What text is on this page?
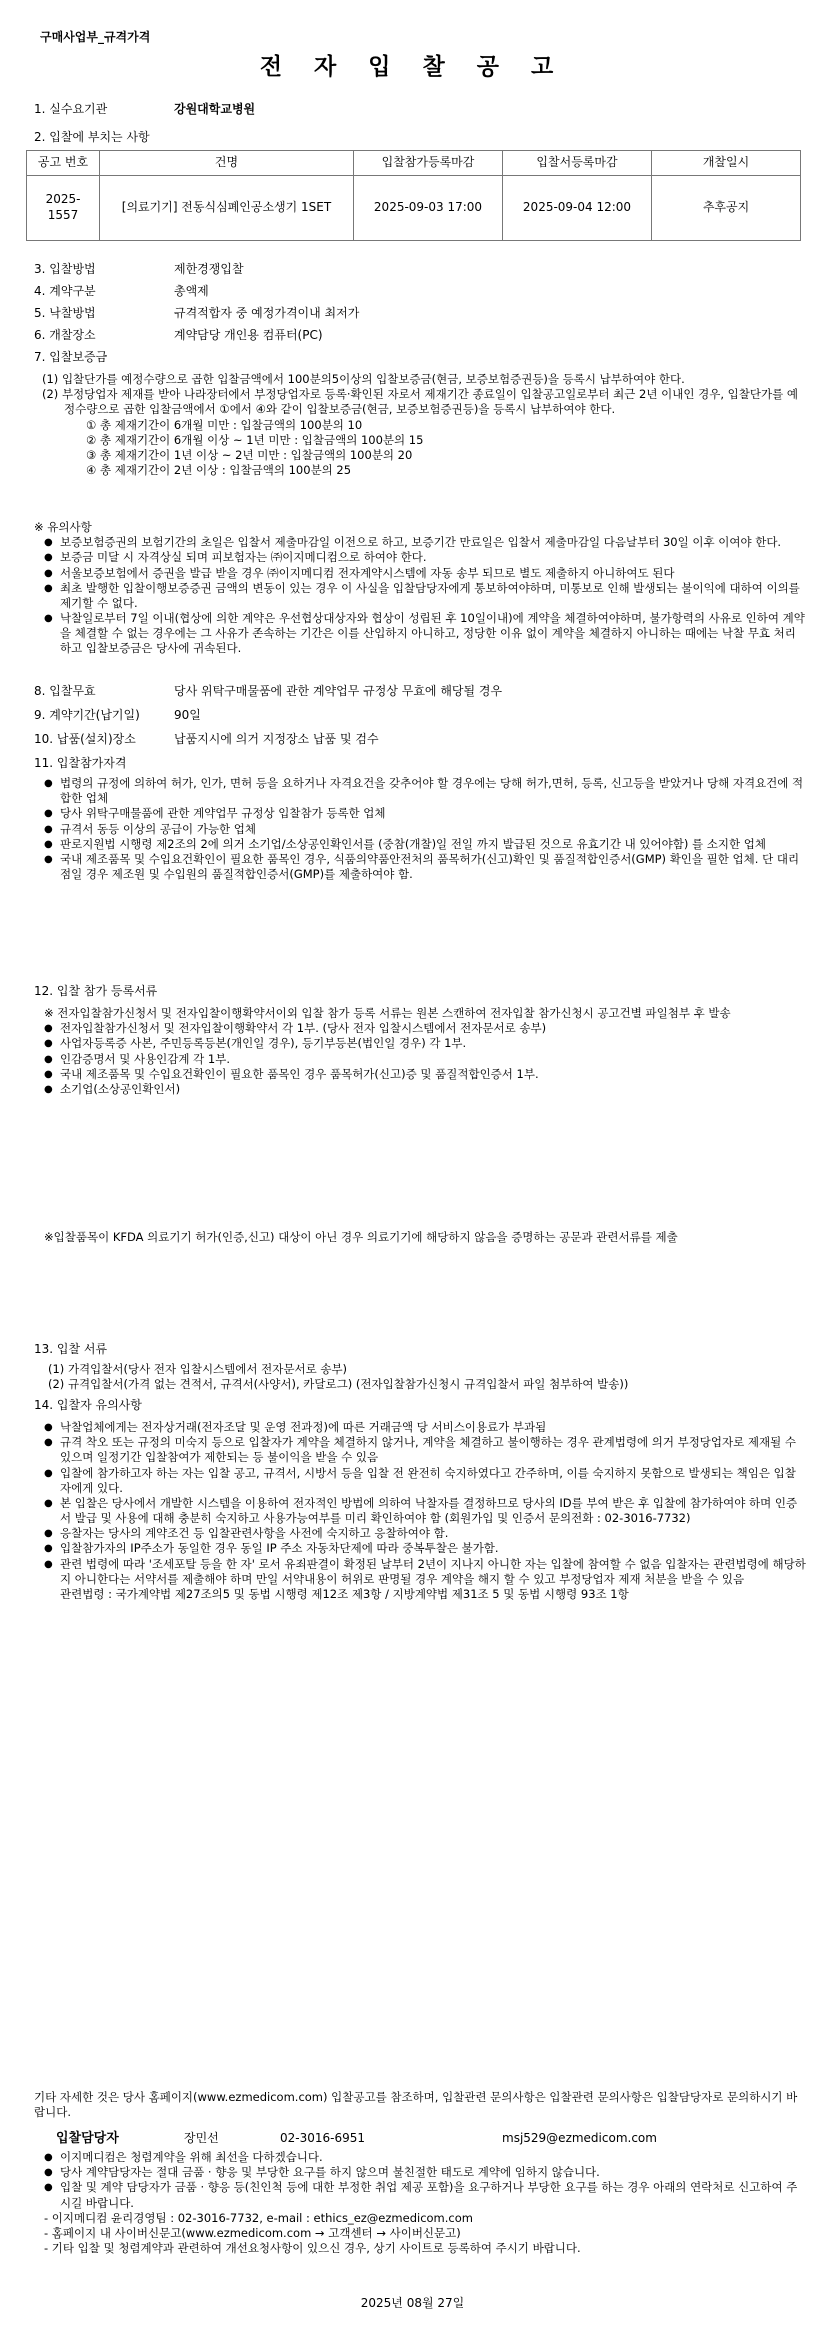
구매사업부_규격가격
전 자 입 찰 공 고
1. 실수요기관	강원대학교병원
2. 입찰에 부치는 사항
공고 번호	건명	입찰참가등록마감	입찰서등록마감	개찰일시
2025-1557	[의료기기] 전동식심폐인공소생기 1SET	2025-09-03 17:00	2025-09-04 12:00	추후공지
3. 입찰방법	제한경쟁입찰
4. 계약구분	총액제
5. 낙찰방법	규격적합자 중 예정가격이내 최저가
6. 개찰장소	계약담당 개인용 컴퓨터(PC)
7. 입찰보증금

(1) 입찰단가를 예정수량으로 곱한 입찰금액에서 100분의5이상의 입찰보증금(현금, 보증보험증권등)을 등록시 납부하여야 한다.

(2) 부정당업자 제재를 받아 나라장터에서 부정당업자로 등록·확인된 자로서 제재기간 종료일이 입찰공고일로부터 최근 2년 이내인 경우, 입찰단가를 예정수량으로 곱한 입찰금액에서 ①에서 ④와 같이 입찰보증금(현금, 보증보험증권등)을 등록시 납부하여야 한다.

① 총 제재기간이 6개월 미만 : 입찰금액의 100분의 10

② 총 제재기간이 6개월 이상 ~ 1년 미만 : 입찰금액의 100분의 15

③ 총 제재기간이 1년 이상 ~ 2년 미만 : 입찰금액의 100분의 20

④ 총 제재기간이 2년 이상 : 입찰금액의 100분의 25

※ 유의사항

● 보증보험증권의 보험기간의 초일은 입찰서 제출마감일 이전으로 하고, 보증기간 만료일은 입찰서 제출마감일 다음날부터 30일 이후 이여야 한다.

● 보증금 미달 시 자격상실 되며 피보험자는 ㈜이지메디컴으로 하여야 한다.

● 서울보증보험에서 증권을 발급 받을 경우 ㈜이지메디컴 전자계약시스템에 자동 송부 되므로 별도 제출하지 아니하여도 된다

● 최초 발행한 입찰이행보증증권 금액의 변동이 있는 경우 이 사실을 입찰담당자에게 통보하여야하며, 미통보로 인해 발생되는 불이익에 대하여 이의를 제기할 수 없다.

● 낙찰일로부터 7일 이내(협상에 의한 계약은 우선협상대상자와 협상이 성립된 후 10일이내)에 계약을 체결하여야하며, 불가항력의 사유로 인하여 계약을 체결할 수 없는 경우에는 그 사유가 존속하는 기간은 이를 산입하지 아니하고, 정당한 이유 없이 계약을 체결하지 아니하는 때에는 낙찰 무효 처리하고 입찰보증금은 당사에 귀속된다.

8. 입찰무효	당사 위탁구매물품에 관한 계약업무 규정상 무효에 해당될 경우
9. 계약기간(납기일)	90일
10. 납품(설치)장소	납품지시에 의거 지정장소 납품 및 검수
11. 입찰참가자격

● 법령의 규정에 의하여 허가, 인가, 면허 등을 요하거나 자격요건을 갖추어야 할 경우에는 당해 허가,면허, 등록, 신고등을 받았거나 당해 자격요건에 적합한 업체

● 당사 위탁구매물품에 관한 계약업무 규정상 입찰참가 등록한 업체

● 규격서 동등 이상의 공급이 가능한 업체

● 판로지원법 시행령 제2조의 2에 의거 소기업/소상공인확인서를 (중참(개찰)일 전일 까지 발급된 것으로 유효기간 내 있어야함) 를 소지한 업체

● 국내 제조품목 및 수입요건확인이 필요한 품목인 경우, 식품의약품안전처의 품목허가(신고)확인 및 품질적합인증서(GMP) 확인을 필한 업체. 단 대리점일 경우 제조원 및 수입원의 품질적합인증서(GMP)를 제출하여야 함.

12. 입찰 참가 등록서류

※ 전자입찰참가신청서 및 전자입찰이행확약서이외 입찰 참가 등록 서류는 원본 스캔하여 전자입찰 참가신청시 공고건별 파일첨부 후 발송

● 전자입찰참가신청서 및 전자입찰이행확약서 각 1부. (당사 전자 입찰시스템에서 전자문서로 송부)

● 사업자등록증 사본, 주민등록등본(개인일 경우), 등기부등본(법인일 경우) 각 1부.

● 인감증명서 및 사용인감계 각 1부.

● 국내 제조품목 및 수입요건확인이 필요한 품목인 경우 품목허가(신고)증 및 품질적합인증서 1부.

● 소기업(소상공인확인서)

※입찰품목이 KFDA 의료기기 허가(인증,신고) 대상이 아닌 경우 의료기기에 해당하지 않음을 증명하는 공문과 관련서류를 제출
13. 입찰 서류

(1) 가격입찰서(당사 전자 입찰시스템에서 전자문서로 송부)

(2) 규격입찰서(가격 없는 견적서, 규격서(사양서), 카달로그) (전자입찰참가신청시 규격입찰서 파일 첨부하여 발송))

14. 입찰자 유의사항

● 낙찰업체에게는 전자상거래(전자조달 및 운영 전과정)에 따른 거래금액 당 서비스이용료가 부과됨

● 규격 착오 또는 규정의 미숙지 등으로 입찰자가 계약을 체결하지 않거나, 계약을 체결하고 불이행하는 경우 관계법령에 의거 부정당업자로 제재될 수 있으며 일정기간 입찰참여가 제한되는 등 불이익을 받을 수 있음

● 입찰에 참가하고자 하는 자는 입찰 공고, 규격서, 시방서 등을 입찰 전 완전히 숙지하였다고 간주하며, 이를 숙지하지 못함으로 발생되는 책임은 입찰자에게 있다.

● 본 입찰은 당사에서 개발한 시스템을 이용하여 전자적인 방법에 의하여 낙찰자를 결정하므로 당사의 ID를 부여 받은 후 입찰에 참가하여야 하며 인증서 발급 및 사용에 대해 충분히 숙지하고 사용가능여부를 미리 확인하여야 함 (회원가입 및 인증서 문의전화 : 02-3016-7732)

● 응찰자는 당사의 계약조건 등 입찰관련사항을 사전에 숙지하고 응찰하여야 함.

● 입찰참가자의 IP주소가 동일한 경우 동일 IP 주소 자동차단제에 따라 중복투찰은 불가함.

● 관련 법령에 따라 '조세포탈 등을 한 자' 로서 유죄판결이 확정된 날부터 2년이 지나지 아니한 자는 입찰에 참여할 수 없음 입찰자는 관련법령에 해당하지 아니한다는 서약서를 제출해야 하며 만일 서약내용이 허위로 판명될 경우 계약을 해지 할 수 있고 부정당업자 제재 처분을 받을 수 있음

관련법령 : 국가계약법 제27조의5 및 동법 시행령 제12조 제3항 / 지방계약법 제31조 5 및 동법 시행령 93조 1항

기타 자세한 것은 당사 홈페이지(www.ezmedicom.com) 입찰공고를 참조하며, 입찰관련 문의사항은 입찰관련 문의사항은 입찰담당자로 문의하시기 바랍니다.
입찰담당자	장민선	02-3016-6951	msj529@ezmedicom.com

● 이지메디컴은 청렴계약을 위해 최선을 다하겠습니다.

● 당사 계약담당자는 절대 금품 · 향응 및 부당한 요구를 하지 않으며 불친절한 태도로 계약에 임하지 않습니다.

● 입찰 및 계약 담당자가 금품 · 향응 등(친인척 등에 대한 부정한 취업 제공 포함)을 요구하거나 부당한 요구를 하는 경우 아래의 연락처로 신고하여 주시길 바랍니다.

- 이지메디컴 윤리경영팀 : 02-3016-7732, e-mail : ethics_ez@ezmedicom.com

- 홈페이지 내 사이버신문고(www.ezmedicom.com → 고객센터 → 사이버신문고)

- 기타 입찰 및 청렴계약과 관련하여 개선요청사항이 있으신 경우, 상기 사이트로 등록하여 주시기 바랍니다.

2025년 08월 27일
